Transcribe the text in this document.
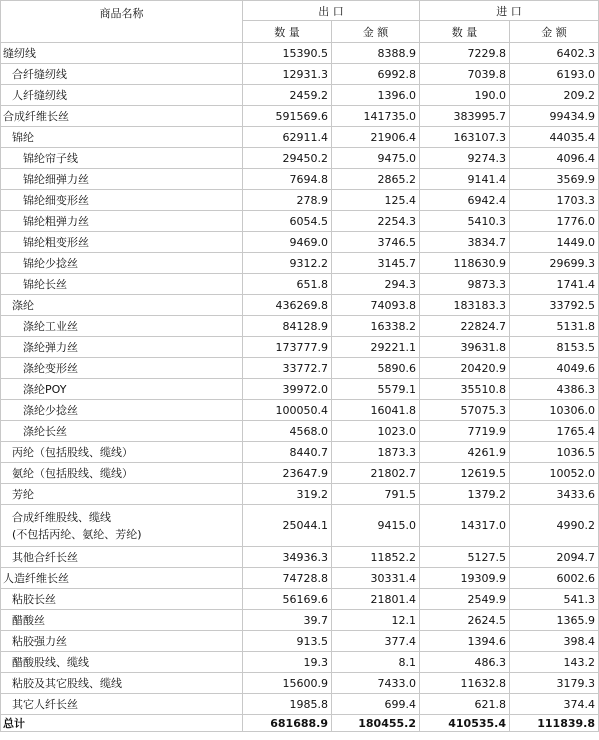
商品名称	出 口		进 口	
	数 量	金 额	数 量	金 额
缝纫线	15390.5	8388.9	7229.8	6402.3
合纤缝纫线	12931.3	6992.8	7039.8	6193.0
人纤缝纫线	2459.2	1396.0	190.0	209.2
合成纤维长丝	591569.6	141735.0	383995.7	99434.9
锦纶	62911.4	21906.4	163107.3	44035.4
锦纶帘子线	29450.2	9475.0	9274.3	4096.4
锦纶细弹力丝	7694.8	2865.2	9141.4	3569.9
锦纶细变形丝	278.9	125.4	6942.4	1703.3
锦纶粗弹力丝	6054.5	2254.3	5410.3	1776.0
锦纶粗变形丝	9469.0	3746.5	3834.7	1449.0
锦纶少捻丝	9312.2	3145.7	118630.9	29699.3
锦纶长丝	651.8	294.3	9873.3	1741.4
涤纶	436269.8	74093.8	183183.3	33792.5
涤纶工业丝	84128.9	16338.2	22824.7	5131.8
涤纶弹力丝	173777.9	29221.1	39631.8	8153.5
涤纶变形丝	33772.7	5890.6	20420.9	4049.6
涤纶POY	39972.0	5579.1	35510.8	4386.3
涤纶少捻丝	100050.4	16041.8	57075.3	10306.0
涤纶长丝	4568.0	1023.0	7719.9	1765.4
丙纶（包括股线、缆线）	8440.7	1873.3	4261.9	1036.5
氨纶（包括股线、缆线）	23647.9	21802.7	12619.5	10052.0
芳纶	319.2	791.5	1379.2	3433.6
合成纤维股线、缆线
(不包括丙纶、氨纶、芳纶)	25044.1	9415.0	14317.0	4990.2
其他合纤长丝	34936.3	11852.2	5127.5	2094.7
人造纤维长丝	74728.8	30331.4	19309.9	6002.6
粘胶长丝	56169.6	21801.4	2549.9	541.3
醋酸丝	39.7	12.1	2624.5	1365.9
粘胶强力丝	913.5	377.4	1394.6	398.4
醋酸股线、缆线	19.3	8.1	486.3	143.2
粘胶及其它股线、缆线	15600.9	7433.0	11632.8	3179.3
其它人纤长丝	1985.8	699.4	621.8	374.4
总计	681688.9	180455.2	410535.4	111839.8
